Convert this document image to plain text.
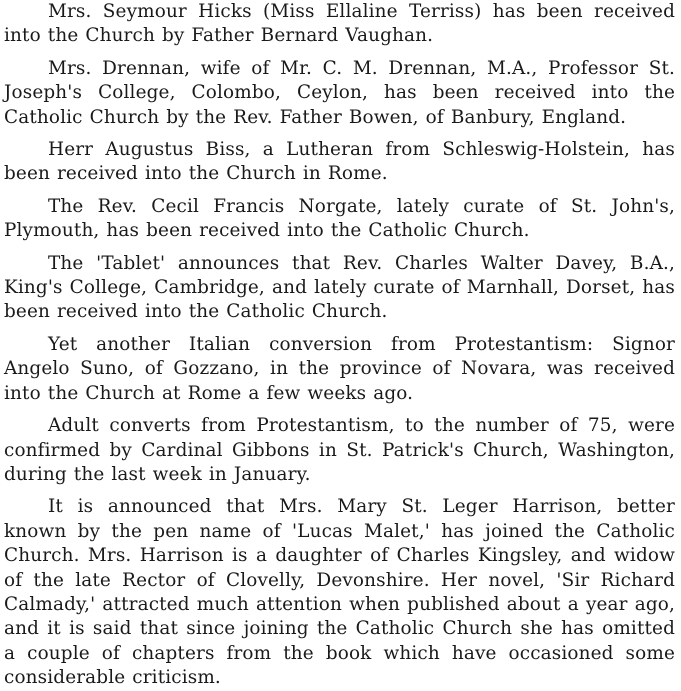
Mrs. Seymour Hicks (Miss Ellaline Terriss) has been received into the Church by Father Bernard Vaughan.

Mrs. Drennan, wife of Mr. C. M. Drennan, M.A., Professor St. Joseph's College, Colombo, Ceylon, has been received into the Catholic Church by the Rev. Father Bowen, of Banbury, England.

Herr Augustus Biss, a Lutheran from Schleswig-Holstein, has been received into the Church in Rome.

The Rev. Cecil Francis Norgate, lately curate of St. John's, Plymouth, has been received into the Catholic Church.

The 'Tablet' announces that Rev. Charles Walter Davey, B.A., King's College, Cambridge, and lately curate of Marnhall, Dorset, has been received into the Catholic Church.

Yet another Italian conversion from Protestantism: Signor Angelo Suno, of Gozzano, in the province of Novara, was received into the Church at Rome a few weeks ago.

Adult converts from Protestantism, to the number of 75, were confirmed by Cardinal Gibbons in St. Patrick's Church, Washington, during the last week in January.

It is announced that Mrs. Mary St. Leger Harrison, better known by the pen name of 'Lucas Malet,' has joined the Catholic Church. Mrs. Harrison is a daughter of Charles Kingsley, and widow of the late Rector of Clovelly, Devonshire. Her novel, 'Sir Richard Calmady,' attracted much attention when published about a year ago, and it is said that since joining the Catholic Church she has omitted a couple of chapters from the book which have occasioned some considerable criticism.
